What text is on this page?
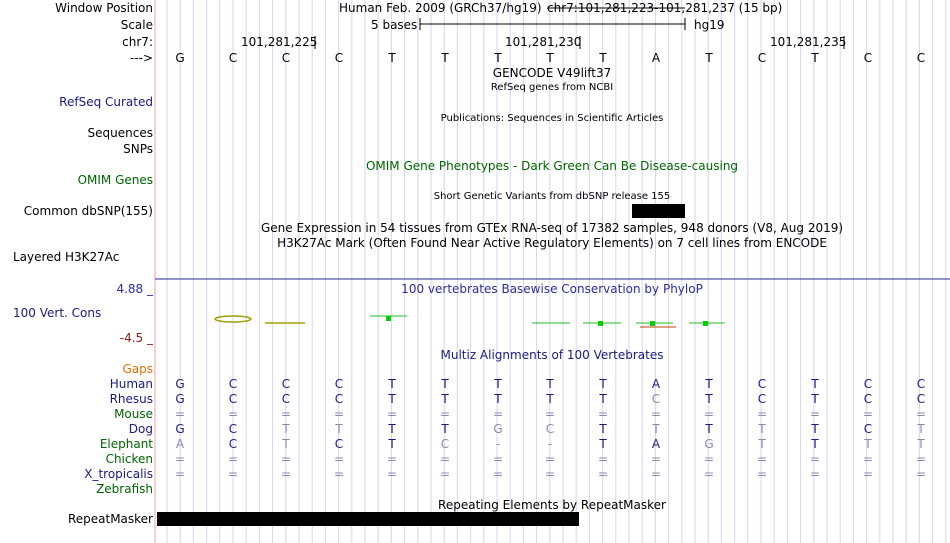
Window Position
Scale
chr7:
--->
Human Feb. 2009 (GRCh37/hg19) chr7:101,281,223-101,281,237 (15 bp)
5 bases	hg19
101,281,225	101,281,230	101,281,235
G	C	C	C	T	T	T	T	T	A	T	C	T	C	C
GENCODE V49lift37
RefSeq genes from NCBI
RefSeq Curated
Publications: Sequences in Scientific Articles
Sequences
SNPs
OMIM Gene Phenotypes - Dark Green Can Be Disease-causing
OMIM Genes
Short Genetic Variants from dbSNP release 155
Common dbSNP(155)
Gene Expression in 54 tissues from GTEx RNA-seq of 17382 samples, 948 donors (V8, Aug 2019)
H3K27Ac Mark (Often Found Near Active Regulatory Elements) on 7 cell lines from ENCODE
Layered H3K27Ac
100 vertebrates Basewise Conservation by PhyloP
4.88 _
100 Vert. Cons
-4.5 _
Multiz Alignments of 100 Vertebrates
Gaps
Human	G	C	C	C	T	T	T	T	T	A	T	C	T	C	C
Rhesus	G	C	C	C	T	T	T	T	T	C	T	C	T	C	C
Mouse	=	=	=	=	=	=	=	=	=	=	=	=	=	=	=
Dog	G	C	T	T	T	T	G	C	T	T	T	T	T	C	T
Elephant	A	C	T	C	T	C	-	-	T	A	G	T	T	T	T
Chicken	=	=	=	=	=	=	=	=	=	=	=	=	=	=	=
X_tropicalis	=	=	=	=	=	=	=	=	=	=	=	=	=	=	=
Zebrafish
Repeating Elements by RepeatMasker
RepeatMasker
